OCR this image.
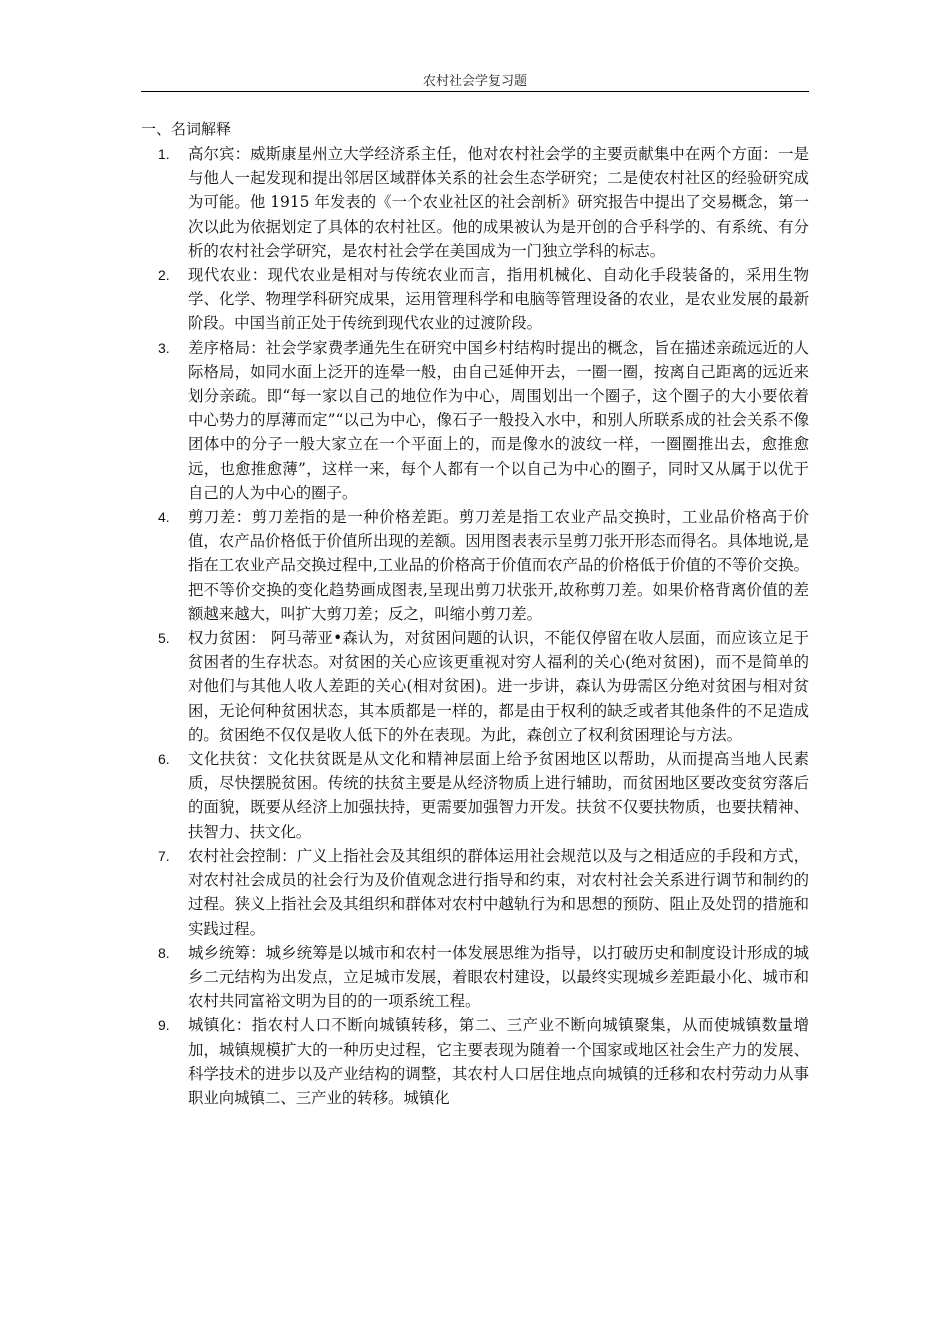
农村社会学复习题
一、名词解释
1. 高尔宾：威斯康星州立大学经济系主任，他对农村社会学的主要贡献集中在两个方面：一是与他人一起发现和提出邻居区域群体关系的社会生态学研究；二是使农村社区的经验研究成为可能。他 1915 年发表的《一个农业社区的社会剖析》研究报告中提出了交易概念，第一次以此为依据划定了具体的农村社区。他的成果被认为是开创的合乎科学的、有系统、有分析的农村社会学研究，是农村社会学在美国成为一门独立学科的标志。
2. 现代农业：现代农业是相对与传统农业而言，指用机械化、自动化手段装备的，采用生物学、化学、物理学科研究成果，运用管理科学和电脑等管理设备的农业，是农业发展的最新阶段。中国当前正处于传统到现代农业的过渡阶段。
3. 差序格局：社会学家费孝通先生在研究中国乡村结构时提出的概念，旨在描述亲疏远近的人际格局，如同水面上泛开的连晕一般，由自己延伸开去，一圈一圈，按离自己距离的远近来划分亲疏。即“每一家以自己的地位作为中心，周围划出一个圈子，这个圈子的大小要依着中心势力的厚薄而定”“以己为中心，像石子一般投入水中，和别人所联系成的社会关系不像团体中的分子一般大家立在一个平面上的，而是像水的波纹一样，一圈圈推出去，愈推愈远，也愈推愈薄”，这样一来，每个人都有一个以自己为中心的圈子，同时又从属于以优于自己的人为中心的圈子。
4. 剪刀差：剪刀差指的是一种价格差距。剪刀差是指工农业产品交换时，工业品价格高于价值，农产品价格低于价值所出现的差额。因用图表表示呈剪刀张开形态而得名。具体地说,是指在工农业产品交换过程中,工业品的价格高于价值而农产品的价格低于价值的不等价交换。把不等价交换的变化趋势画成图表,呈现出剪刀状张开,故称剪刀差。如果价格背离价值的差额越来越大，叫扩大剪刀差；反之，叫缩小剪刀差。
5. 权力贫困： 阿马蒂亚•森认为，对贫困问题的认识，不能仅停留在收人层面，而应该立足于贫困者的生存状态。对贫困的关心应该更重视对穷人福利的关心(绝对贫困)，而不是简单的对他们与其他人收人差距的关心(相对贫困)。进一步讲，森认为毋需区分绝对贫困与相对贫困，无论何种贫困状态，其本质都是一样的，都是由于权利的缺乏或者其他条件的不足造成的。贫困绝不仅仅是收人低下的外在表现。为此，森创立了权利贫困理论与方法。
6. 文化扶贫：文化扶贫既是从文化和精神层面上给予贫困地区以帮助，从而提高当地人民素质，尽快摆脱贫困。传统的扶贫主要是从经济物质上进行辅助，而贫困地区要改变贫穷落后的面貌，既要从经济上加强扶持，更需要加强智力开发。扶贫不仅要扶物质，也要扶精神、扶智力、扶文化。
7. 农村社会控制：广义上指社会及其组织的群体运用社会规范以及与之相适应的手段和方式，对农村社会成员的社会行为及价值观念进行指导和约束，对农村社会关系进行调节和制约的过程。狭义上指社会及其组织和群体对农村中越轨行为和思想的预防、阻止及处罚的措施和实践过程。
8. 城乡统筹：城乡统筹是以城市和农村一体发展思维为指导，以打破历史和制度设计形成的城乡二元结构为出发点，立足城市发展，着眼农村建设，以最终实现城乡差距最小化、城市和农村共同富裕文明为目的的一项系统工程。
9. 城镇化：指农村人口不断向城镇转移，第二、三产业不断向城镇聚集，从而使城镇数量增加，城镇规模扩大的一种历史过程，它主要表现为随着一个国家或地区社会生产力的发展、科学技术的进步以及产业结构的调整，其农村人口居住地点向城镇的迁移和农村劳动力从事职业向城镇二、三产业的转移。城镇化
